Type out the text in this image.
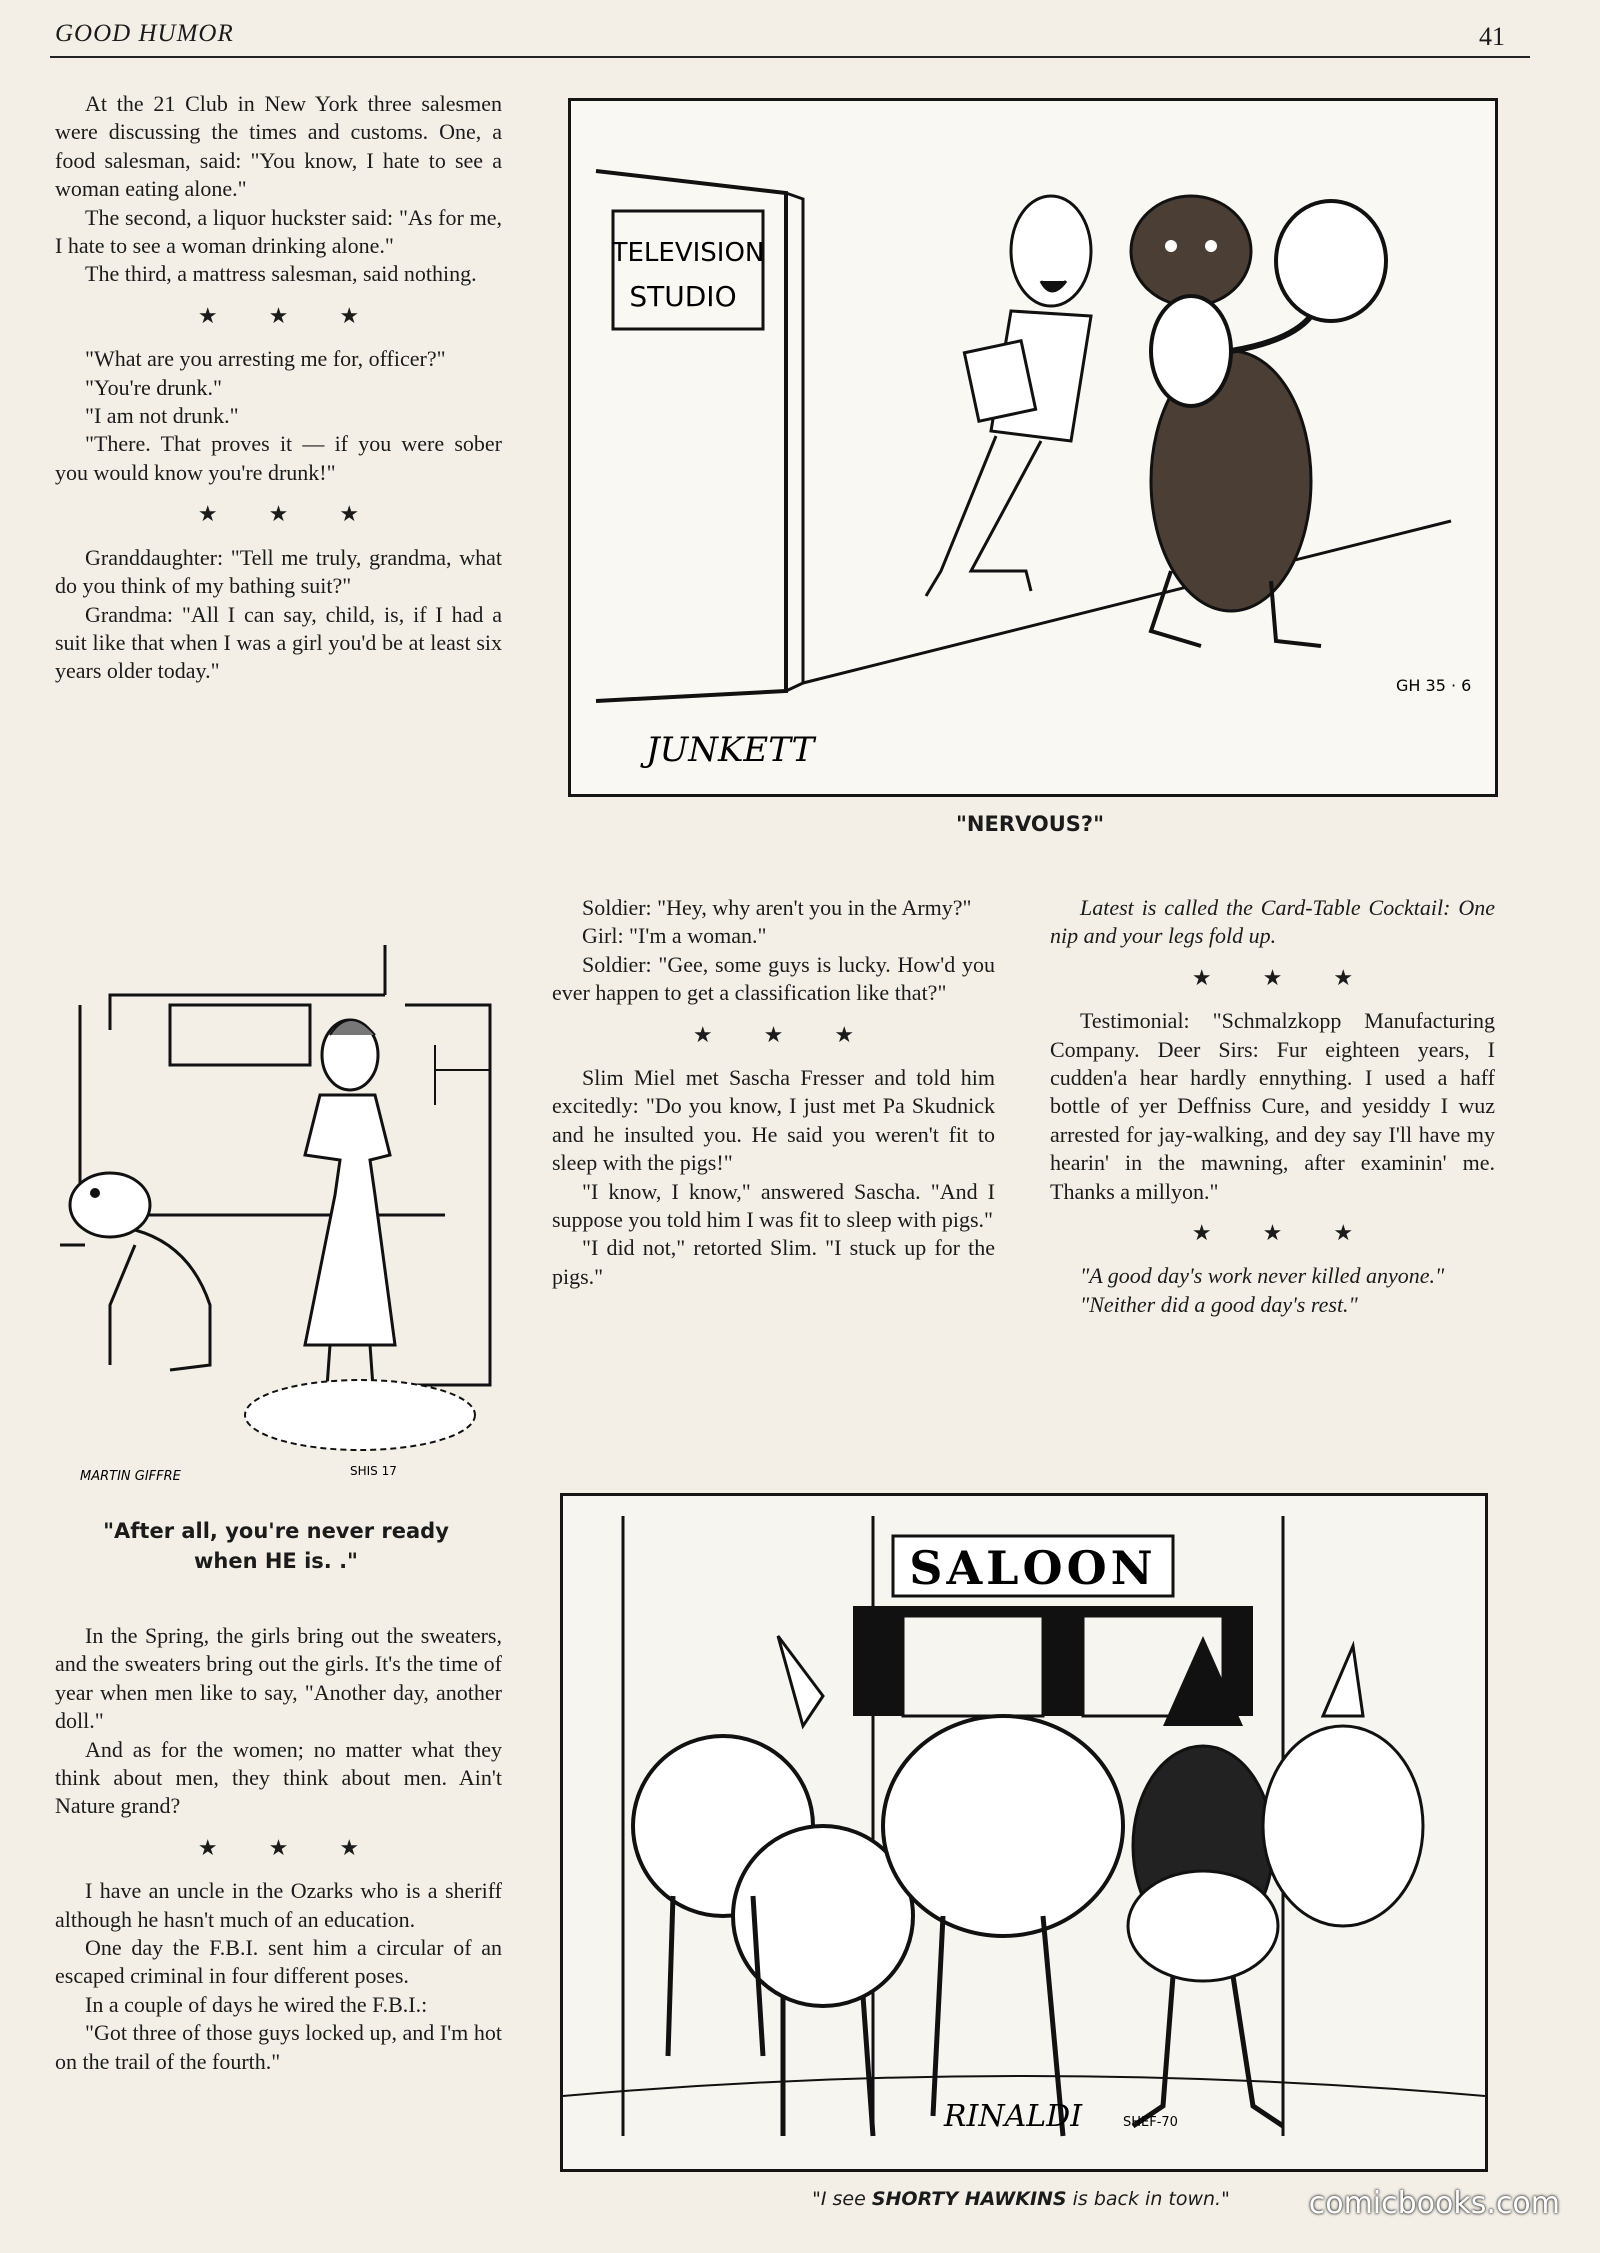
GOOD HUMOR	41

At the 21 Club in New York three salesmen were discussing the times and customs. One, a food salesman, said: "You know, I hate to see a woman eating alone."

The second, a liquor huckster said: "As for me, I hate to see a woman drinking alone."

The third, a mattress salesman, said nothing.

★ ★ ★

"What are you arresting me for, officer?"

"You're drunk."

"I am not drunk."

"There. That proves it — if you were sober you would know you're drunk!"

★ ★ ★

Granddaughter: "Tell me truly, grandma, what do you think of my bathing suit?"

Grandma: "All I can say, child, is, if I had a suit like that when I was a girl you'd be at least six years older today."

TELEVISION
STUDIO
JUNKETT
GH 35 · 6
"NERVOUS?"
MARTIN GIFFRE	SHIS 17
"After all, you're never ready
when HE is. ."

In the Spring, the girls bring out the sweaters, and the sweaters bring out the girls. It's the time of year when men like to say, "Another day, another doll."

And as for the women; no matter what they think about men, they think about men. Ain't Nature grand?

★ ★ ★

I have an uncle in the Ozarks who is a sheriff although he hasn't much of an education.

One day the F.B.I. sent him a circular of an escaped criminal in four different poses.

In a couple of days he wired the F.B.I.:

"Got three of those guys locked up, and I'm hot on the trail of the fourth."

Soldier: "Hey, why aren't you in the Army?"

Girl: "I'm a woman."

Soldier: "Gee, some guys is lucky. How'd you ever happen to get a classification like that?"

★ ★ ★

Slim Miel met Sascha Fresser and told him excitedly: "Do you know, I just met Pa Skudnick and he insulted you. He said you weren't fit to sleep with the pigs!"

"I know, I know," answered Sascha. "And I suppose you told him I was fit to sleep with pigs."

"I did not," retorted Slim. "I stuck up for the pigs."

Latest is called the Card-Table Cocktail: One nip and your legs fold up.

★ ★ ★

Testimonial: "Schmalzkopp Manufacturing Company. Deer Sirs: Fur eighteen years, I cudden'a hear hardly ennything. I used a haff bottle of yer Deffniss Cure, and yesiddy I wuz arrested for jay-walking, and dey say I'll have my hearin' in the mawning, after examinin' me. Thanks a millyon."

★ ★ ★

"A good day's work never killed anyone."

"Neither did a good day's rest."

SALOON
RINALDI	SHEF-70
"I see SHORTY HAWKINS is back in town."	comicbooks.com
